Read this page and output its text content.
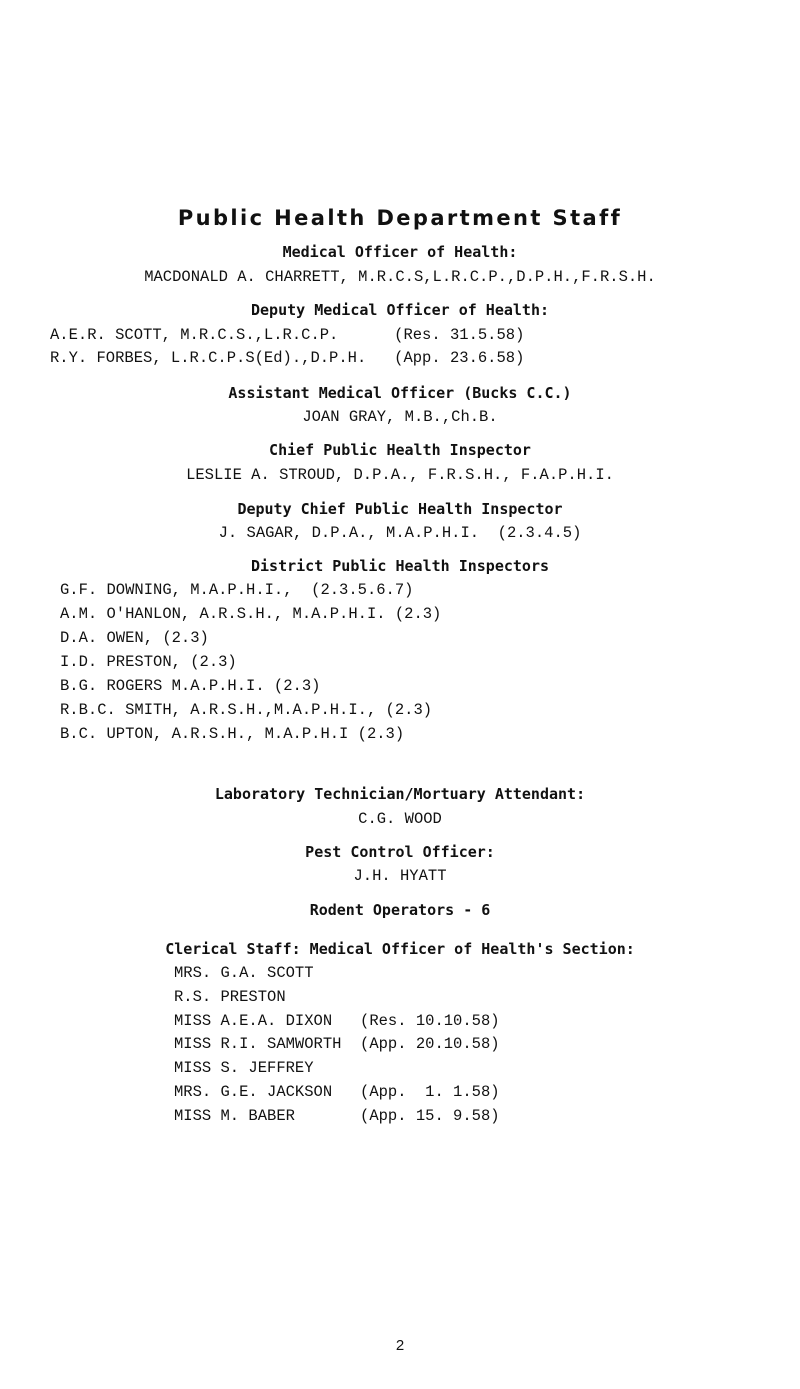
Public Health Department Staff
Medical Officer of Health:
MACDONALD A. CHARRETT, M.R.C.S,L.R.C.P.,D.P.H.,F.R.S.H.
Deputy Medical Officer of Health:
A.E.R. SCOTT, M.R.C.S.,L.R.C.P.      (Res. 31.5.58)
R.Y. FORBES, L.R.C.P.S(Ed).,D.P.H.   (App. 23.6.58)
Assistant Medical Officer (Bucks C.C.)
JOAN GRAY, M.B.,Ch.B.
Chief Public Health Inspector
LESLIE A. STROUD, D.P.A., F.R.S.H., F.A.P.H.I.
Deputy Chief Public Health Inspector
J. SAGAR, D.P.A., M.A.P.H.I.  (2.3.4.5)
District Public Health Inspectors
G.F. DOWNING, M.A.P.H.I.,  (2.3.5.6.7)
A.M. O'HANLON, A.R.S.H., M.A.P.H.I. (2.3)
D.A. OWEN, (2.3)
I.D. PRESTON, (2.3)
B.G. ROGERS M.A.P.H.I. (2.3)
R.B.C. SMITH, A.R.S.H.,M.A.P.H.I., (2.3)
B.C. UPTON, A.R.S.H., M.A.P.H.I (2.3)
Laboratory Technician/Mortuary Attendant:
C.G. WOOD
Pest Control Officer:
J.H. HYATT
Rodent Operators - 6
Clerical Staff: Medical Officer of Health's Section:
MRS. G.A. SCOTT
R.S. PRESTON
MISS A.E.A. DIXON   (Res. 10.10.58)
MISS R.I. SAMWORTH  (App. 20.10.58)
MISS S. JEFFREY
MRS. G.E. JACKSON   (App.  1. 1.58)
MISS M. BABER       (App. 15. 9.58)
2
